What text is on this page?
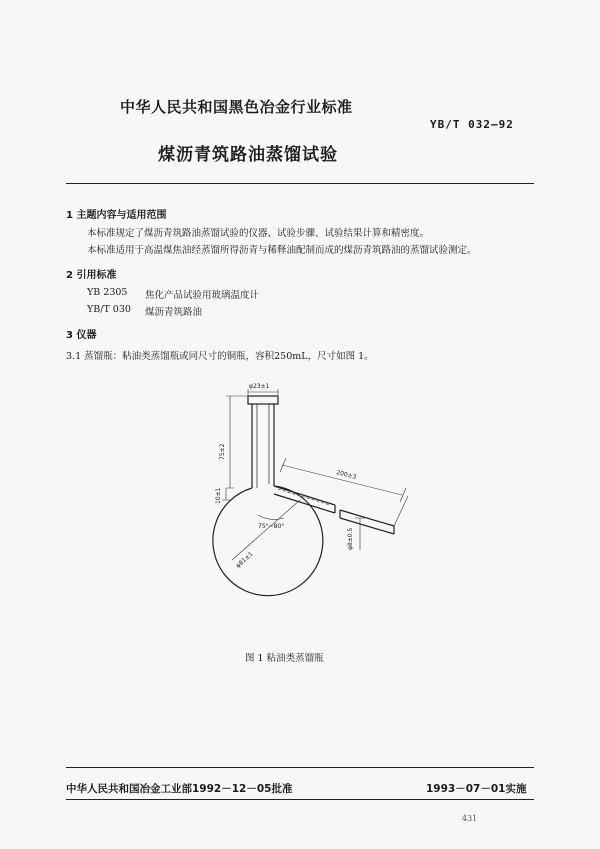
中华人民共和国黑色冶金行业标准
YB/T 032—92
煤沥青筑路油蒸馏试验
1 主题内容与适用范围
本标准规定了煤沥青筑路油蒸馏试验的仪器、试验步骤、试验结果计算和精密度。
本标准适用于高温煤焦油经蒸馏所得沥青与稀释油配制而成的煤沥青筑路油的蒸馏试验测定。
2 引用标准
YB 2305 焦化产品试验用玻璃温度计
YB/T 030 煤沥青筑路油
3 仪器
3.1 蒸馏瓶：粘油类蒸馏瓶或同尺寸的铜瓶，容积250mL，尺寸如图 1。
φ23±1
75±2
10±1
200±3
75°~80°
φ81±1
φ8±0.5
图 1 粘油类蒸馏瓶
中华人民共和国冶金工业部1992－12－05批准	1993－07－01实施
431
